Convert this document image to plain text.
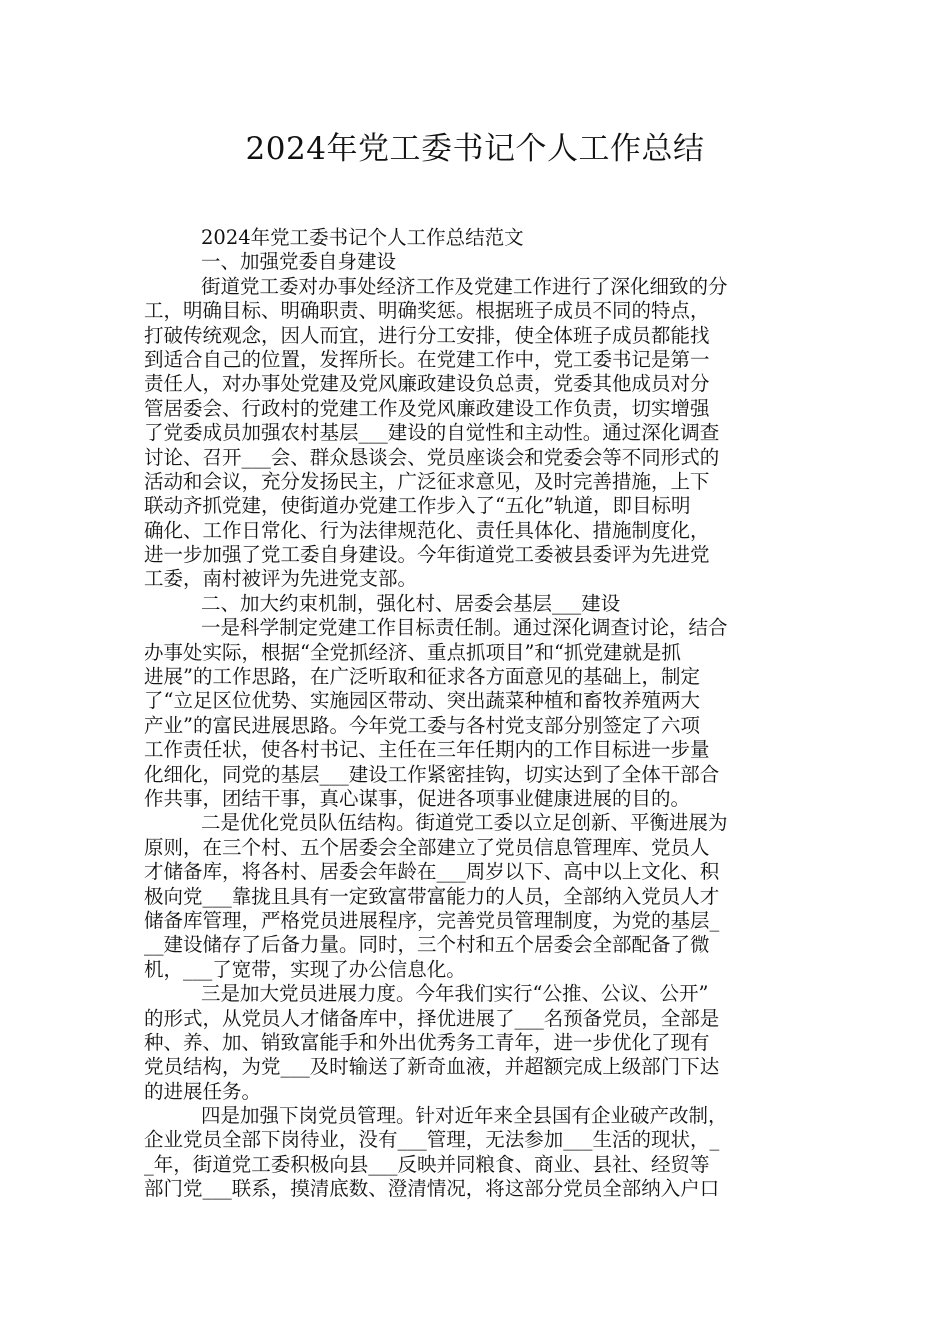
2024年党工委书记个人工作总结
2024年党工委书记个人工作总结范文
一、加强党委自身建设
街道党工委对办事处经济工作及党建工作进行了深化细致的分
工，明确目标、明确职责、明确奖惩。根据班子成员不同的特点，
打破传统观念，因人而宜，进行分工安排，使全体班子成员都能找
到适合自己的位置，发挥所长。在党建工作中，党工委书记是第一
责任人，对办事处党建及党风廉政建设负总责，党委其他成员对分
管居委会、行政村的党建工作及党风廉政建设工作负责，切实增强
了党委成员加强农村基层___建设的自觉性和主动性。通过深化调查
讨论、召开___会、群众恳谈会、党员座谈会和党委会等不同形式的
活动和会议，充分发扬民主，广泛征求意见，及时完善措施，上下
联动齐抓党建，使街道办党建工作步入了“五化”轨道，即目标明
确化、工作日常化、行为法律规范化、责任具体化、措施制度化，
进一步加强了党工委自身建设。今年街道党工委被县委评为先进党
工委，南村被评为先进党支部。
二、加大约束机制，强化村、居委会基层___建设
一是科学制定党建工作目标责任制。通过深化调查讨论，结合
办事处实际，根据“全党抓经济、重点抓项目”和“抓党建就是抓
进展”的工作思路，在广泛听取和征求各方面意见的基础上，制定
了“立足区位优势、实施园区带动、突出蔬菜种植和畜牧养殖两大
产业”的富民进展思路。今年党工委与各村党支部分别签定了六项
工作责任状，使各村书记、主任在三年任期内的工作目标进一步量
化细化，同党的基层___建设工作紧密挂钩，切实达到了全体干部合
作共事，团结干事，真心谋事，促进各项事业健康进展的目的。
二是优化党员队伍结构。街道党工委以立足创新、平衡进展为
原则，在三个村、五个居委会全部建立了党员信息管理库、党员人
才储备库，将各村、居委会年龄在___周岁以下、高中以上文化、积
极向党___靠拢且具有一定致富带富能力的人员，全部纳入党员人才
储备库管理，严格党员进展程序，完善党员管理制度，为党的基层_
__建设储存了后备力量。同时，三个村和五个居委会全部配备了微
机，___了宽带，实现了办公信息化。
三是加大党员进展力度。今年我们实行“公推、公议、公开”
的形式，从党员人才储备库中，择优进展了___名预备党员，全部是
种、养、加、销致富能手和外出优秀务工青年，进一步优化了现有
党员结构，为党___及时输送了新奇血液，并超额完成上级部门下达
的进展任务。
四是加强下岗党员管理。针对近年来全县国有企业破产改制，
企业党员全部下岗待业，没有___管理，无法参加___生活的现状，_
_年，街道党工委积极向县___反映并同粮食、商业、县社、经贸等
部门党___联系，摸清底数、澄清情况，将这部分党员全部纳入户口
